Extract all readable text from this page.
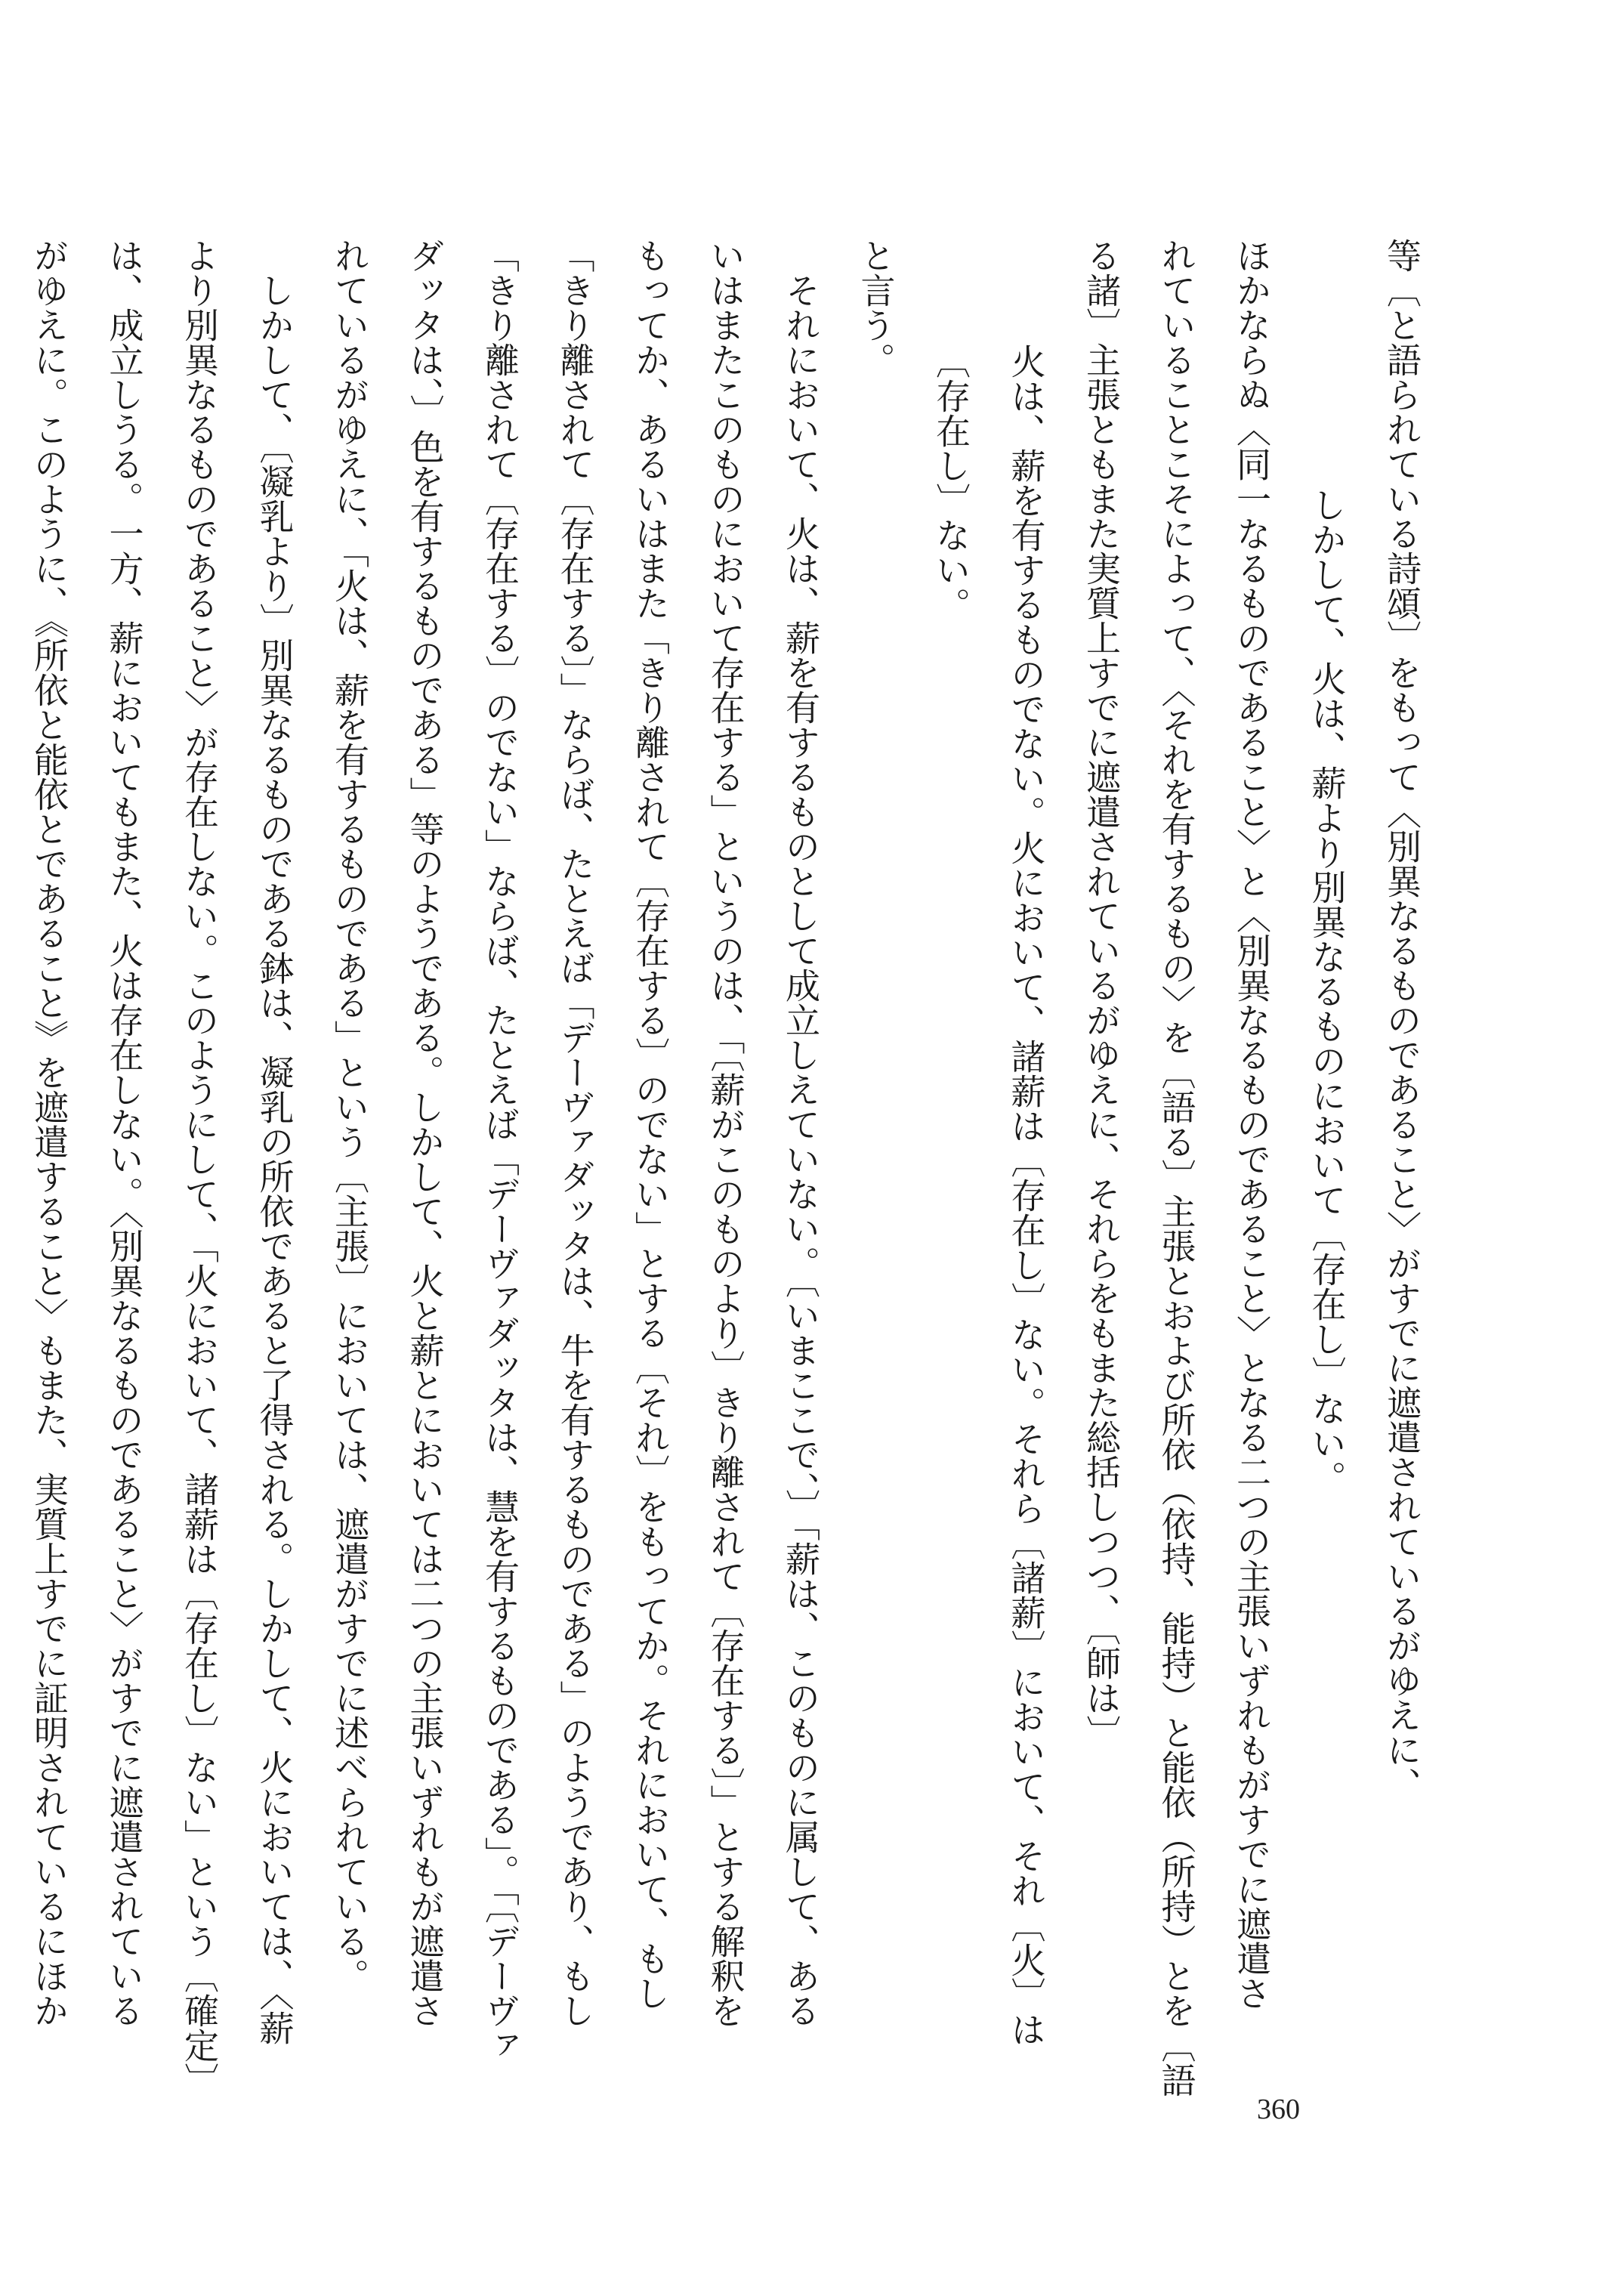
等〔と語られている詩頌〕をもって〈別異なるものであること〉がすでに遮遣されているがゆえに、
しかして、火は、薪より別異なるものにおいて〔存在し〕ない。
ほかならぬ〈同一なるものであること〉と〈別異なるものであること〉となる二つの主張いずれもがすでに遮遣さ
れていることこそによって、〈それを有するもの〉を〔語る〕主張とおよび所依（依持、能持）と能依（所持）とを〔語
る諸〕主張ともまた実質上すでに遮遣されているがゆえに、それらをもまた総括しつつ、〔師は〕
火は、薪を有するものでない。火において、諸薪は〔存在し〕ない。それら〔諸薪〕において、それ〔火〕は
〔存在し〕ない。
と言う。
それにおいて、火は、薪を有するものとして成立しえていない。〔いまここで、〕「薪は、このものに属して、ある
いはまたこのものにおいて存在する」というのは、「〔薪がこのものより〕きり離されて〔存在する〕」とする解釈を
もってか、あるいはまた「きり離されて〔存在する〕のでない」とする〔それ〕をもってか。それにおいて、もし
「きり離されて〔存在する〕」ならば、たとえば「デーヴァダッタは、牛を有するものである」のようであり、もし
「きり離されて〔存在する〕のでない」ならば、たとえば「デーヴァダッタは、慧を有するものである」。「〔デーヴァ
ダッタは、〕色を有するものである」等のようである。しかして、火と薪とにおいては二つの主張いずれもが遮遣さ
れているがゆえに、「火は、薪を有するものである」という〔主張〕においては、遮遣がすでに述べられている。
しかして、〔凝乳より〕別異なるものである鉢は、凝乳の所依であると了得される。しかして、火においては、〈薪
より別異なるものであること〉が存在しない。このようにして、「火において、諸薪は〔存在し〕ない」という〔確定〕
は、成立しうる。一方、薪においてもまた、火は存在しない。〈別異なるものであること〉がすでに遮遣されている
がゆえに。このように、《所依と能依とであること》を遮遣すること〉もまた、実質上すでに証明されているにほか
360
